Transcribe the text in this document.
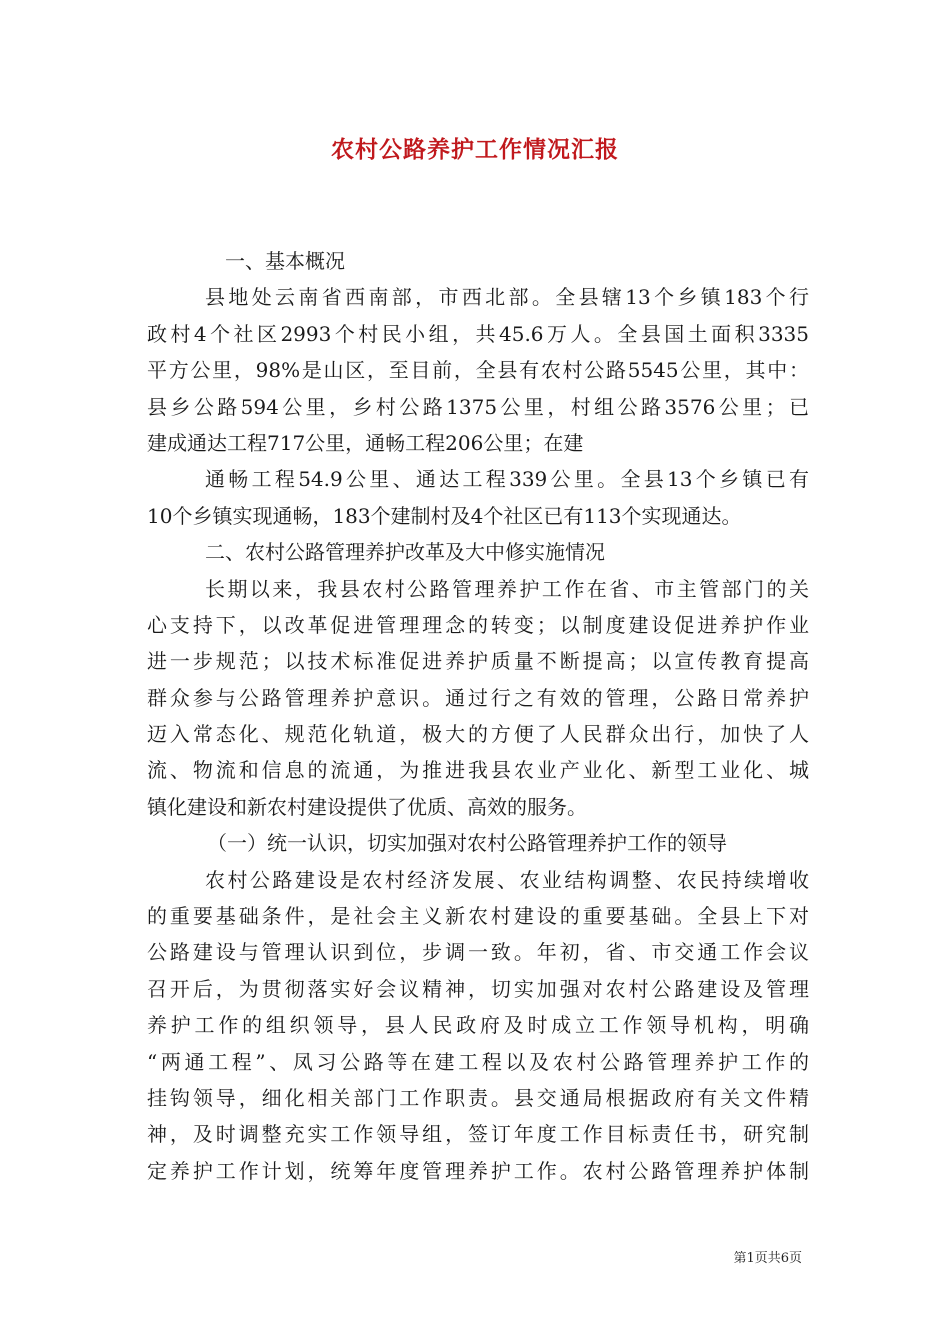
农村公路养护工作情况汇报
一、基本概况
县地处云南省西南部，市西北部。全县辖13个乡镇183个行
政村4个社区2993个村民小组，共45.6万人。全县国土面积3335
平方公里，98%是山区，至目前，全县有农村公路5545公里，其中：
县乡公路594公里，乡村公路1375公里，村组公路3576公里；已
建成通达工程717公里，通畅工程206公里；在建
通畅工程54.9公里、通达工程339公里。全县13个乡镇已有
10个乡镇实现通畅，183个建制村及4个社区已有113个实现通达。
二、农村公路管理养护改革及大中修实施情况
长期以来，我县农村公路管理养护工作在省、市主管部门的关
心支持下，以改革促进管理理念的转变；以制度建设促进养护作业
进一步规范；以技术标准促进养护质量不断提高；以宣传教育提高
群众参与公路管理养护意识。通过行之有效的管理，公路日常养护
迈入常态化、规范化轨道，极大的方便了人民群众出行，加快了人
流、物流和信息的流通，为推进我县农业产业化、新型工业化、城
镇化建设和新农村建设提供了优质、高效的服务。
（一）统一认识，切实加强对农村公路管理养护工作的领导
农村公路建设是农村经济发展、农业结构调整、农民持续增收
的重要基础条件，是社会主义新农村建设的重要基础。全县上下对
公路建设与管理认识到位，步调一致。年初，省、市交通工作会议
召开后，为贯彻落实好会议精神，切实加强对农村公路建设及管理
养护工作的组织领导，县人民政府及时成立工作领导机构，明确
“两通工程”、凤习公路等在建工程以及农村公路管理养护工作的
挂钩领导，细化相关部门工作职责。县交通局根据政府有关文件精
神，及时调整充实工作领导组，签订年度工作目标责任书，研究制
定养护工作计划，统筹年度管理养护工作。农村公路管理养护体制
第1页共6页
